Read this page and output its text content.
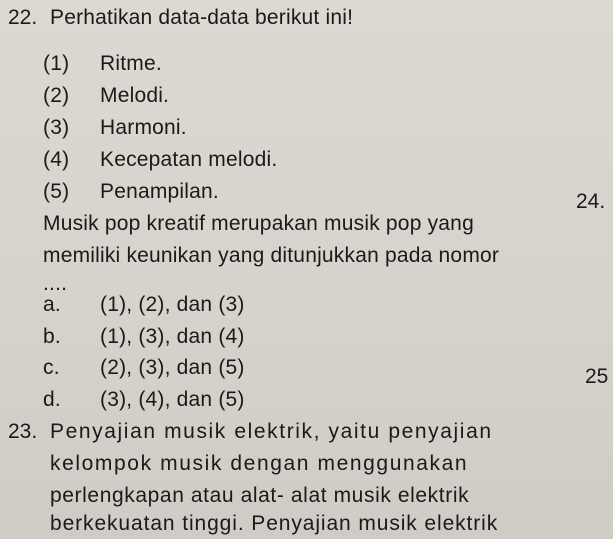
22. Perhatikan data-data berikut ini!
(1) Ritme.
(2) Melodi.
(3) Harmoni.
(4) Kecepatan melodi.
(5) Penampilan.
Musik pop kreatif merupakan musik pop yang
24.
memiliki keunikan yang ditunjukkan pada nomor
....
a. (1), (2), dan (3)
b. (1), (3), dan (4)
c. (2), (3), dan (5)
d. (3), (4), dan (5)
25
23. Penyajian musik elektrik, yaitu penyajian
kelompok musik dengan menggunakan
perlengkapan atau alat- alat musik elektrik
berkekuatan tinggi. Penyajian musik elektrik
